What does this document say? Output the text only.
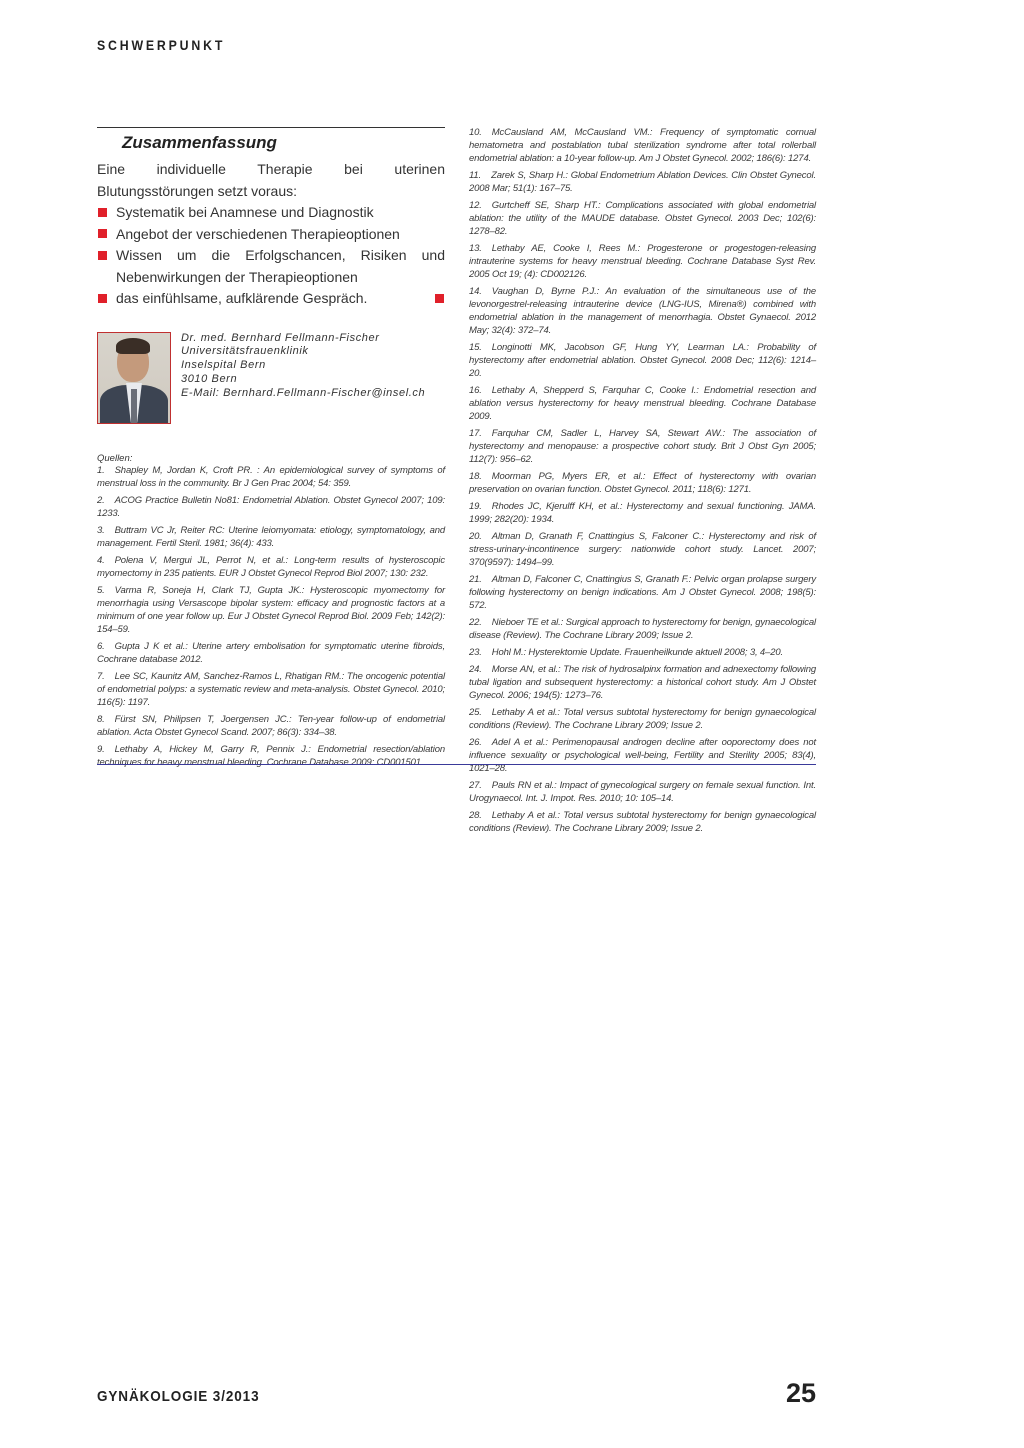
SCHWERPUNKT
Zusammenfassung

Eine individuelle Therapie bei uterinen Blutungsstörungen setzt voraus:

Systematik bei Anamnese und Diagnostik
Angebot der verschiedenen Therapieoptionen
Wissen um die Erfolgschancen, Risiken und Nebenwirkungen der Therapieoptionen
das einfühlsame, aufklärende Gespräch.
Dr. med. Bernhard Fellmann-Fischer
Universitätsfrauenklinik
Inselspital Bern
3010 Bern
E-Mail: Bernhard.Fellmann-Fischer@insel.ch
Quellen:

1. Shapley M, Jordan K, Croft PR. : An epidemiological survey of symptoms of menstrual loss in the community. Br J Gen Prac 2004; 54: 359.

2. ACOG Practice Bulletin No81: Endometrial Ablation. Obstet Gynecol 2007; 109: 1233.

3. Buttram VC Jr, Reiter RC: Uterine leiomyomata: etiology, symptomatology, and management. Fertil Steril. 1981; 36(4): 433.

4. Polena V, Mergui JL, Perrot N, et al.: Long-term results of hysteroscopic myomectomy in 235 patients. EUR J Obstet Gynecol Reprod Biol 2007; 130: 232.

5. Varma R, Soneja H, Clark TJ, Gupta JK.: Hysteroscopic myomectomy for menorrhagia using Versascope bipolar system: efficacy and prognostic factors at a minimum of one year follow up. Eur J Obstet Gynecol Reprod Biol. 2009 Feb; 142(2): 154–59.

6. Gupta J K et al.: Uterine artery embolisation for symptomatic uterine fibroids, Cochrane database 2012.

7. Lee SC, Kaunitz AM, Sanchez-Ramos L, Rhatigan RM.: The oncogenic potential of endometrial polyps: a systematic review and meta-analysis. Obstet Gynecol. 2010; 116(5): 1197.

8. Fürst SN, Philipsen T, Joergensen JC.: Ten-year follow-up of endometrial ablation. Acta Obstet Gynecol Scand. 2007; 86(3): 334–38.

9. Lethaby A, Hickey M, Garry R, Pennix J.: Endometrial resection/ablation techniques for heavy menstrual bleeding. Cochrane Database 2009: CD001501.

10. McCausland AM, McCausland VM.: Frequency of symptomatic cornual hematometra and postablation tubal sterilization syndrome after total rollerball endometrial ablation: a 10-year follow-up. Am J Obstet Gynecol. 2002; 186(6): 1274.

11. Zarek S, Sharp H.: Global Endometrium Ablation Devices. Clin Obstet Gynecol. 2008 Mar; 51(1): 167–75.

12. Gurtcheff SE, Sharp HT.: Complications associated with global endometrial ablation: the utility of the MAUDE database. Obstet Gynecol. 2003 Dec; 102(6): 1278–82.

13. Lethaby AE, Cooke I, Rees M.: Progesterone or progestogen-releasing intrauterine systems for heavy menstrual bleeding. Cochrane Database Syst Rev. 2005 Oct 19; (4): CD002126.

14. Vaughan D, Byrne P.J.: An evaluation of the simultaneous use of the levonorgestrel-releasing intrauterine device (LNG-IUS, Mirena®) combined with endometrial ablation in the management of menorrhagia. Obstet Gynaecol. 2012 May; 32(4): 372–74.

15. Longinotti MK, Jacobson GF, Hung YY, Learman LA.: Probability of hysterectomy after endometrial ablation. Obstet Gynecol. 2008 Dec; 112(6): 1214–20.

16. Lethaby A, Shepperd S, Farquhar C, Cooke I.: Endometrial resection and ablation versus hysterectomy for heavy menstrual bleeding. Cochrane Database 2009.

17. Farquhar CM, Sadler L, Harvey SA, Stewart AW.: The association of hysterectomy and menopause: a prospective cohort study. Brit J Obst Gyn 2005; 112(7): 956–62.

18. Moorman PG, Myers ER, et al.: Effect of hysterectomy with ovarian preservation on ovarian function. Obstet Gynecol. 2011; 118(6): 1271.

19. Rhodes JC, Kjerulff KH, et al.: Hysterectomy and sexual functioning. JAMA. 1999; 282(20): 1934.

20. Altman D, Granath F, Cnattingius S, Falconer C.: Hysterectomy and risk of stress-urinary-incontinence surgery: nationwide cohort study. Lancet. 2007; 370(9597): 1494–99.

21. Altman D, Falconer C, Cnattingius S, Granath F.: Pelvic organ prolapse surgery following hysterectomy on benign indications. Am J Obstet Gynecol. 2008; 198(5): 572.

22. Nieboer TE et al.: Surgical approach to hysterectomy for benign, gynaecological disease (Review). The Cochrane Library 2009; Issue 2.

23. Hohl M.: Hysterektomie Update. Frauenheilkunde aktuell 2008; 3, 4–20.

24. Morse AN, et al.: The risk of hydrosalpinx formation and adnexectomy following tubal ligation and subsequent hysterectomy: a historical cohort study. Am J Obstet Gynecol. 2006; 194(5): 1273–76.

25. Lethaby A et al.: Total versus subtotal hysterectomy for benign gynaecological conditions (Review). The Cochrane Library 2009; Issue 2.

26. Adel A et al.: Perimenopausal androgen decline after ooporectomy does not influence sexuality or psychological well-being, Fertility and Sterility 2005; 83(4), 1021–28.

27. Pauls RN et al.: Impact of gynecological surgery on female sexual function. Int. Urogynaecol. Int. J. Impot. Res. 2010; 10: 105–14.

28. Lethaby A et al.: Total versus subtotal hysterectomy for benign gynaecological conditions (Review). The Cochrane Library 2009; Issue 2.

GYNÄKOLOGIE 3/2013	25
